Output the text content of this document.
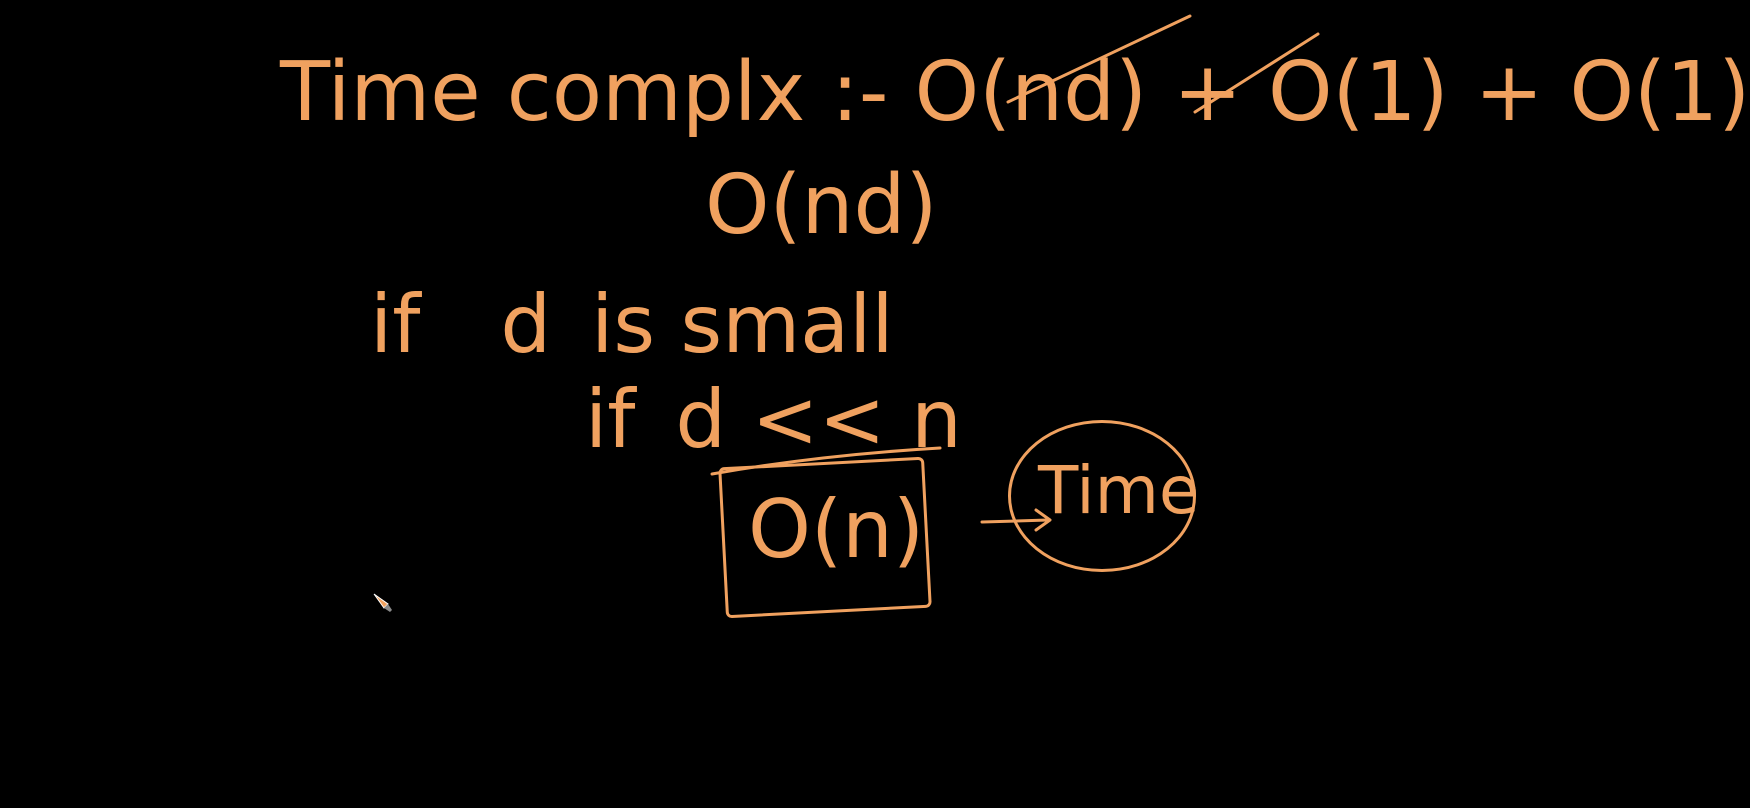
Time complx :- O(nd) + O(1) + O(1)
O(nd)
if d is small
if d << n
O(n) Time
